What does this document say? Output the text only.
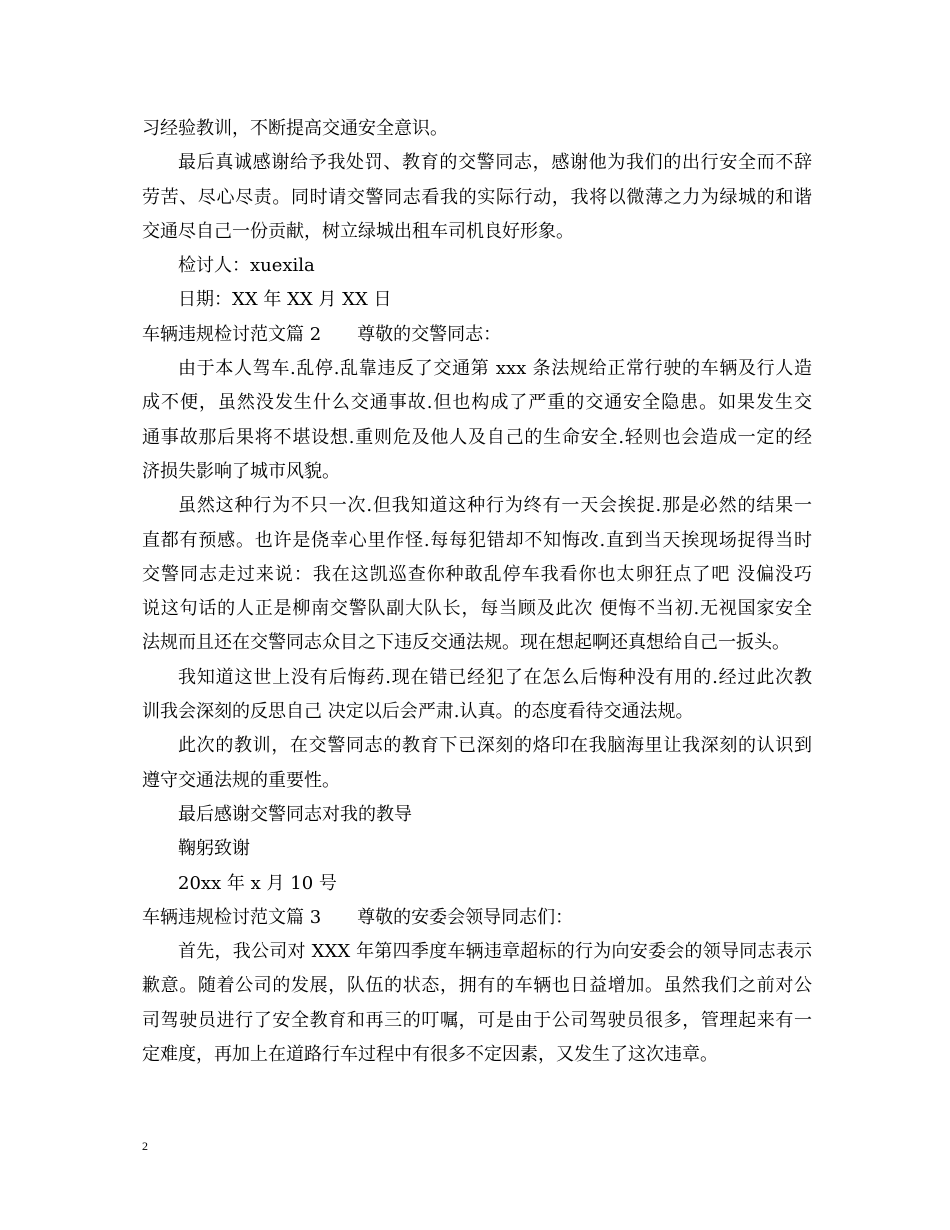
习经验教训，不断提高交通安全意识。
最后真诚感谢给予我处罚、教育的交警同志，感谢他为我们的出行安全而不辞
劳苦、尽心尽责。同时请交警同志看我的实际行动，我将以微薄之力为绿城的和谐
交通尽自己一份贡献，树立绿城出租车司机良好形象。
检讨人：xuexila
日期：XX 年 XX 月 XX 日
车辆违规检讨范文篇 2　　尊敬的交警同志：
由于本人驾车.乱停.乱靠违反了交通第 xxx 条法规给正常行驶的车辆及行人造
成不便，虽然没发生什么交通事故.但也构成了严重的交通安全隐患。如果发生交
通事故那后果将不堪设想.重则危及他人及自己的生命安全.轻则也会造成一定的经
济损失影响了城市风貌。
虽然这种行为不只一次.但我知道这种行为终有一天会挨捉.那是必然的结果一
直都有预感。也许是侥幸心里作怪.每每犯错却不知悔改.直到当天挨现场捉得当时
交警同志走过来说：我在这凯巡查你种敢乱停车我看你也太卵狂点了吧 没偏没巧
说这句话的人正是柳南交警队副大队长，每当顾及此次 便悔不当初.无视国家安全
法规而且还在交警同志众目之下违反交通法规。现在想起啊还真想给自己一扳头。
我知道这世上没有后悔药.现在错已经犯了在怎么后悔种没有用的.经过此次教
训我会深刻的反思自己 决定以后会严肃.认真。的态度看待交通法规。
此次的教训，在交警同志的教育下已深刻的烙印在我脑海里让我深刻的认识到
遵守交通法规的重要性。
最后感谢交警同志对我的教导
鞠躬致谢
20xx 年 x 月 10 号
车辆违规检讨范文篇 3　　尊敬的安委会领导同志们：
首先，我公司对 XXX 年第四季度车辆违章超标的行为向安委会的领导同志表示
歉意。随着公司的发展，队伍的状态，拥有的车辆也日益增加。虽然我们之前对公
司驾驶员进行了安全教育和再三的叮嘱，可是由于公司驾驶员很多，管理起来有一
定难度，再加上在道路行车过程中有很多不定因素，又发生了这次违章。
2
